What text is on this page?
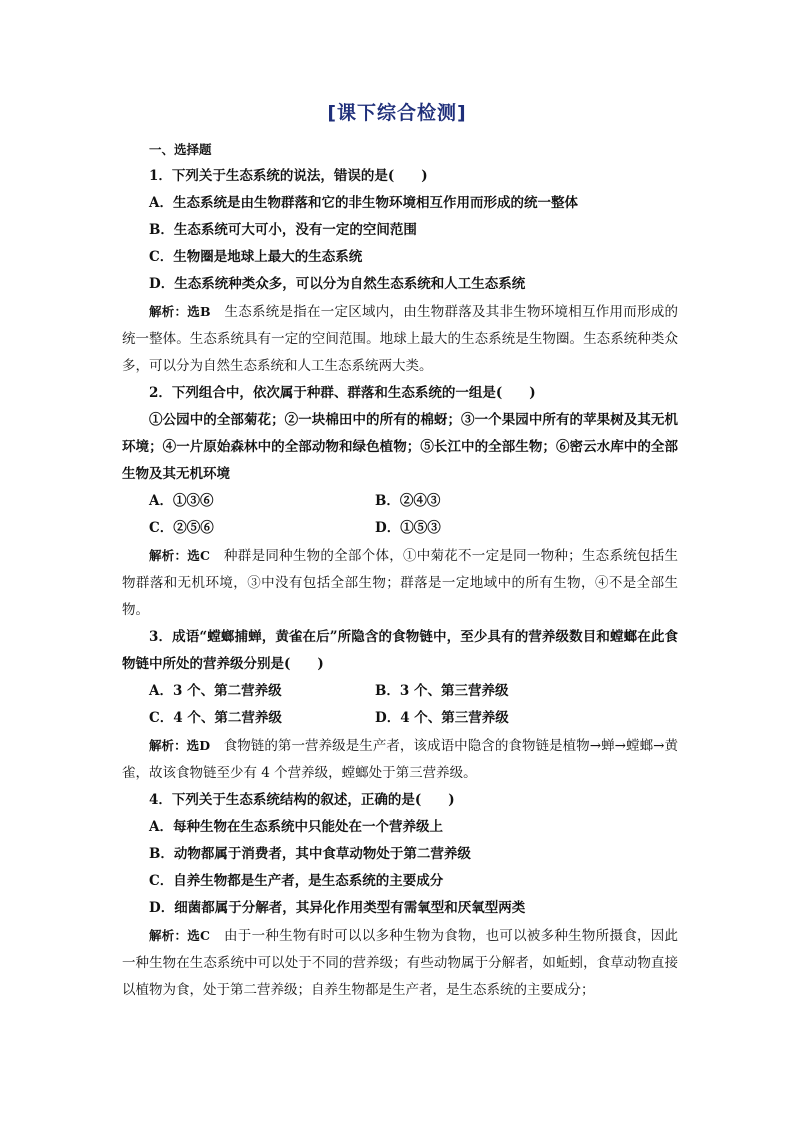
[课下综合检测]

一、选择题

1．下列关于生态系统的说法，错误的是(　　)

A．生态系统是由生物群落和它的非生物环境相互作用而形成的统一整体

B．生态系统可大可小，没有一定的空间范围

C．生物圈是地球上最大的生态系统

D．生态系统种类众多，可以分为自然生态系统和人工生态系统

解析：选B　生态系统是指在一定区域内，由生物群落及其非生物环境相互作用而形成的统一整体。生态系统具有一定的空间范围。地球上最大的生态系统是生物圈。生态系统种类众多，可以分为自然生态系统和人工生态系统两大类。

2．下列组合中，依次属于种群、群落和生态系统的一组是(　　)

①公园中的全部菊花；②一块棉田中的所有的棉蚜；③一个果园中所有的苹果树及其无机环境；④一片原始森林中的全部动物和绿色植物；⑤长江中的全部生物；⑥密云水库中的全部生物及其无机环境

A．①③⑥	B．②④③
C．②⑤⑥	D．①⑤③

解析：选C　种群是同种生物的全部个体，①中菊花不一定是同一物种；生态系统包括生物群落和无机环境，③中没有包括全部生物；群落是一定地域中的所有生物，④不是全部生物。

3．成语“螳螂捕蝉，黄雀在后”所隐含的食物链中，至少具有的营养级数目和螳螂在此食物链中所处的营养级分别是(　　)

A．3 个、第二营养级	B．3 个、第三营养级
C．4 个、第二营养级	D．4 个、第三营养级

解析：选D　食物链的第一营养级是生产者，该成语中隐含的食物链是植物→蝉→螳螂→黄雀，故该食物链至少有 4 个营养级，螳螂处于第三营养级。

4．下列关于生态系统结构的叙述，正确的是(　　)

A．每种生物在生态系统中只能处在一个营养级上

B．动物都属于消费者，其中食草动物处于第二营养级

C．自养生物都是生产者，是生态系统的主要成分

D．细菌都属于分解者，其异化作用类型有需氧型和厌氧型两类

解析：选C　由于一种生物有时可以以多种生物为食物，也可以被多种生物所摄食，因此一种生物在生态系统中可以处于不同的营养级；有些动物属于分解者，如蚯蚓，食草动物直接以植物为食，处于第二营养级；自养生物都是生产者，是生态系统的主要成分；
